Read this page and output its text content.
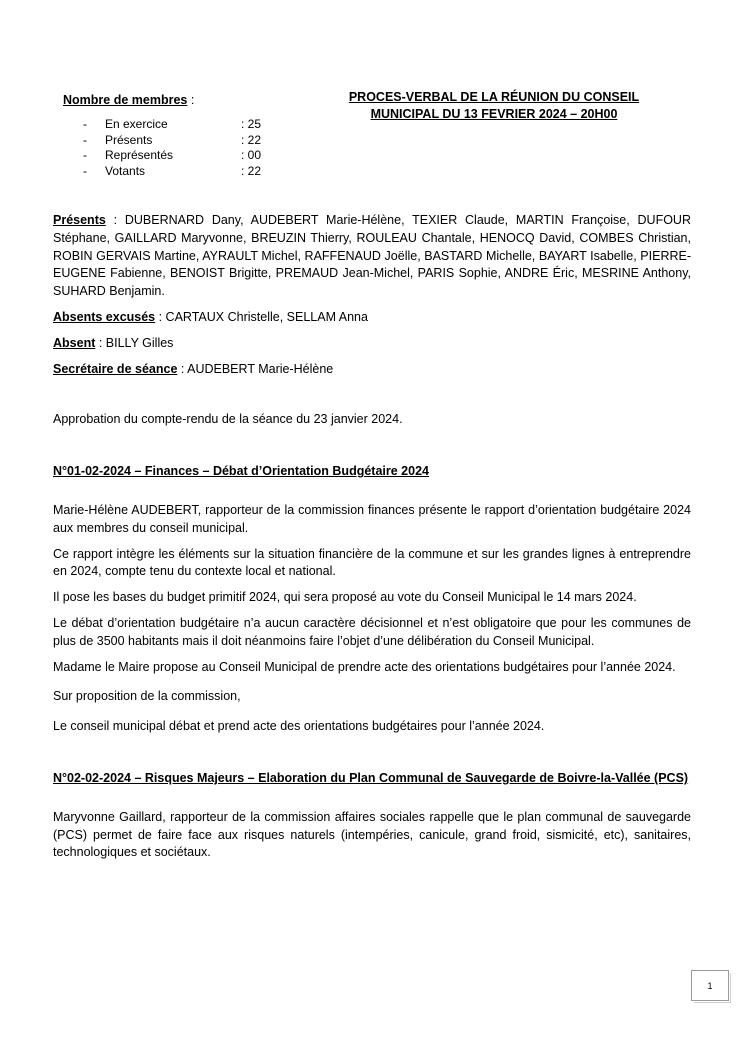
Nombre de membres :
-	En exercice	: 25
-	Présents	: 22
-	Représentés	: 00
-	Votants	: 22
PROCES-VERBAL DE LA RÉUNION DU CONSEIL
MUNICIPAL DU 13 FEVRIER 2024 – 20H00

Présents : DUBERNARD Dany, AUDEBERT Marie-Hélène, TEXIER Claude, MARTIN Françoise, DUFOUR Stéphane, GAILLARD Maryvonne, BREUZIN Thierry, ROULEAU Chantale, HENOCQ David, COMBES Christian, ROBIN GERVAIS Martine, AYRAULT Michel, RAFFENAUD Joëlle, BASTARD Michelle, BAYART Isabelle, PIERRE-EUGENE Fabienne, BENOIST Brigitte, PREMAUD Jean-Michel, PARIS Sophie, ANDRE Éric, MESRINE Anthony, SUHARD Benjamin.

Absents excusés : CARTAUX Christelle, SELLAM Anna

Absent : BILLY Gilles

Secrétaire de séance : AUDEBERT Marie-Hélène

Approbation du compte-rendu de la séance du 23 janvier 2024.

N°01-02-2024 – Finances – Débat d’Orientation Budgétaire 2024

Marie-Hélène AUDEBERT, rapporteur de la commission finances présente le rapport d’orientation budgétaire 2024 aux membres du conseil municipal.

Ce rapport intègre les éléments sur la situation financière de la commune et sur les grandes lignes à entreprendre en 2024, compte tenu du contexte local et national.

Il pose les bases du budget primitif 2024, qui sera proposé au vote du Conseil Municipal le 14 mars 2024.

Le débat d’orientation budgétaire n’a aucun caractère décisionnel et n’est obligatoire que pour les communes de plus de 3500 habitants mais il doit néanmoins faire l’objet d’une délibération du Conseil Municipal.

Madame le Maire propose au Conseil Municipal de prendre acte des orientations budgétaires pour l’année 2024.

Sur proposition de la commission,

Le conseil municipal débat et prend acte des orientations budgétaires pour l’année 2024.

N°02-02-2024 – Risques Majeurs – Elaboration du Plan Communal de Sauvegarde de Boivre-la-Vallée (PCS)

Maryvonne Gaillard, rapporteur de la commission affaires sociales rappelle que le plan communal de sauvegarde (PCS) permet de faire face aux risques naturels (intempéries, canicule, grand froid, sismicité, etc), sanitaires, technologiques et sociétaux.

1
